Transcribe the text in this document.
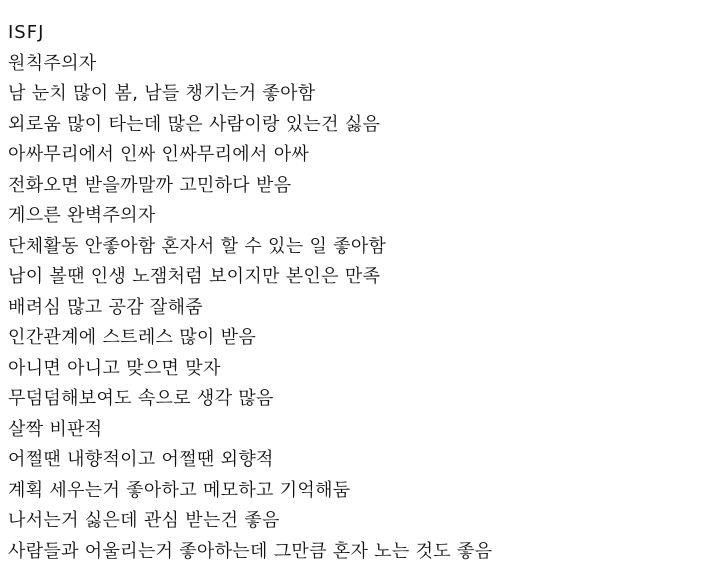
ISFJ
원칙주의자
남 눈치 많이 봄, 남들 챙기는거 좋아함
외로움 많이 타는데 많은 사람이랑 있는건 싫음
아싸무리에서 인싸 인싸무리에서 아싸
전화오면 받을까말까 고민하다 받음
게으른 완벽주의자
단체활동 안좋아함 혼자서 할 수 있는 일 좋아함
남이 볼땐 인생 노잼처럼 보이지만 본인은 만족
배려심 많고 공감 잘해줌
인간관계에 스트레스 많이 받음
아니면 아니고 맞으면 맞자
무덤덤해보여도 속으로 생각 많음
살짝 비판적
어쩔땐 내향적이고 어쩔땐 외향적
계획 세우는거 좋아하고 메모하고 기억해둠
나서는거 싫은데 관심 받는건 좋음
사람들과 어울리는거 좋아하는데 그만큼 혼자 노는 것도 좋음
